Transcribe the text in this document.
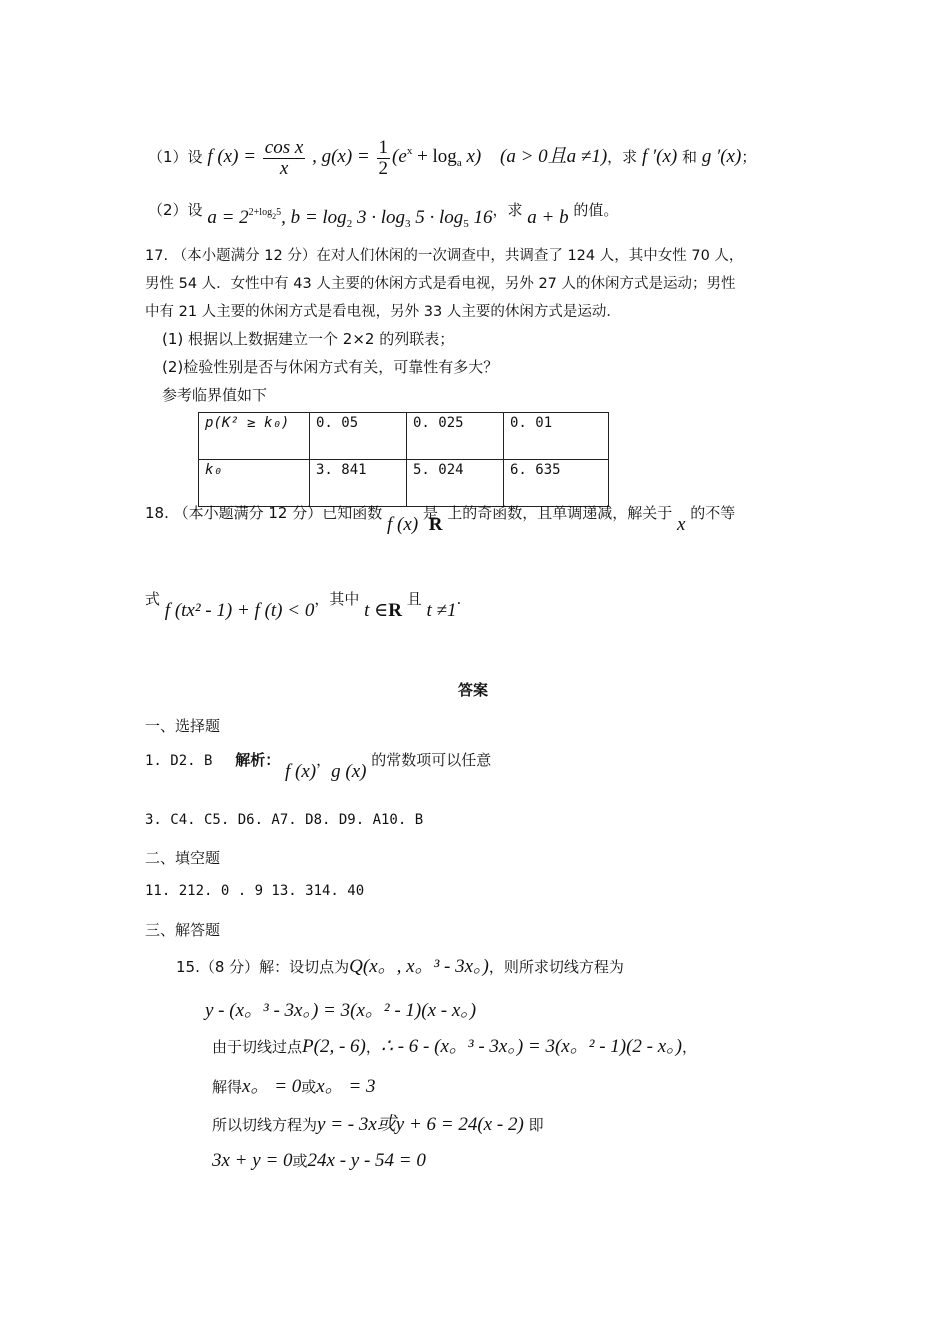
（1）设 f $(x) = \frac{\text{cos x}}{x}$ , $g(x) = \frac{1}{2} (e^x + \log_a x) (a > 0$且a ≠1)，求 f ′(x) 和 g ′(x)；
（2）设 $a = 2^{2+log_25}$, $b = \log_2 3 \cdot \log_3 5 \cdot \log_5 16$，求 a + b 的值。
17. （本小题满分 12 分）在对人们休闲的一次调查中，共调查了 124 人，其中女性 70 人，
男性 54 人．女性中有 43 人主要的休闲方式是看电视，另外 27 人的休闲方式是运动；男性
中有 21 人主要的休闲方式是看电视，另外 33 人主要的休闲方式是运动．
(1) 根据以上数据建立一个 2×2 的列联表；
(2)检验性别是否与休闲方式有关，可靠性有多大？
参考临界值如下
p(K² ≥ k₀)	0. 05	0. 025	0. 01
k₀	3. 841	5. 024	6. 635
18. （本小题满分 12 分）已知函数 f (x) 是 R 上的奇函数，且单调递减，解关于 x 的不等
式 f (tx² - 1) + f (t) < 0，其中 t ∈R 且 t ≠1.
答案
一、选择题
1. D2. B 解析： f (x)，g (x) 的常数项可以任意
3. C4. C5. D6. A7. D8. D9. A10. B
二、填空题
11. 212. 0 . 9 13. 314. 40
三、解答题
15.（8 分）解：设切点为Q(x。, x。³ - 3x。)，则所求切线方程为
y - (x。³ - 3x。) = 3(x。² - 1)(x - x。)
由于切线过点P(2, - 6)，∴ - 6 - (x。³ - 3x。) = 3(x。² - 1)(2 - x。)，
解得x。 = 0或x。 = 3
所以切线方程为y = - 3x或y + 6 = 24(x - 2) 即
3x + y = 0或24x - y - 54 = 0
